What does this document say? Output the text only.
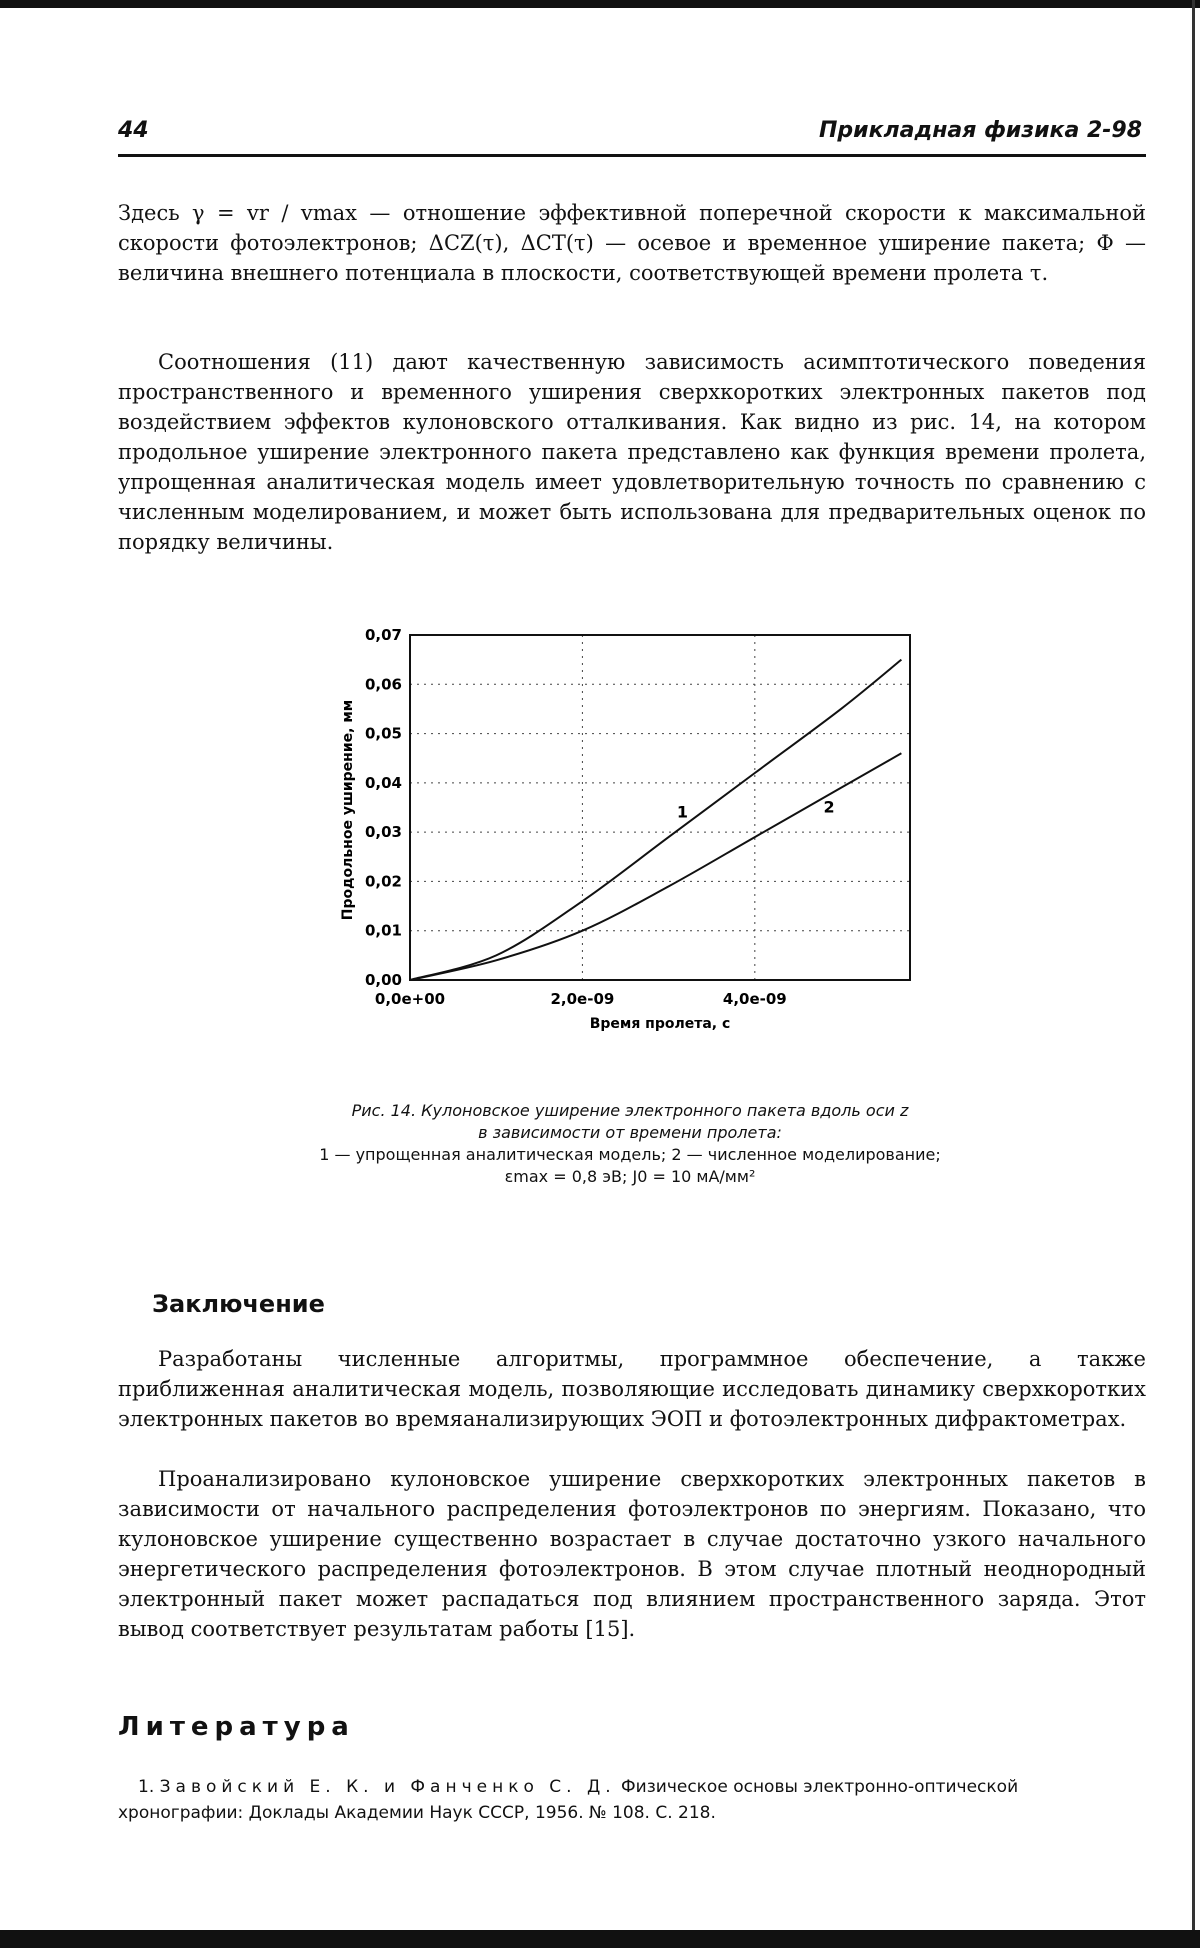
44	Прикладная физика 2-98

Здесь γ = vr / vmax — отношение эффективной поперечной скорости к максимальной скорости фотоэлектронов; ΔCZ(τ), ΔCT(τ) — осевое и временное уширение пакета; Φ — величина внешнего потенциала в плоскости, соответствующей времени пролета τ.

Соотношения (11) дают качественную зависимость асимптотического поведения пространственного и временного уширения сверхкоротких электронных пакетов под воздействием эффектов кулоновского отталкивания. Как видно из рис. 14, на котором продольное уширение электронного пакета представлено как функция времени пролета, упрощенная аналитическая модель имеет удовлетворительную точность по сравнению с численным моделированием, и может быть использована для предварительных оценок по порядку величины.

0,00
0,01
0,02
0,03
0,04
0,05
0,06
0,07
0,0e+00	2,0e-09	4,0e-09
1	2
Время пролета, с
Продольное уширение, мм
Рис. 14. Кулоновское уширение электронного пакета вдоль оси z
в зависимости от времени пролета:
1 — упрощенная аналитическая модель; 2 — численное моделирование;
εmax = 0,8 эВ; J0 = 10 мА/мм²
Заключение

Разработаны численные алгоритмы, программное обеспечение, а также приближенная аналитическая модель, позволяющие исследовать динамику сверхкоротких электронных пакетов во времяанализирующих ЭОП и фотоэлектронных дифрактометрах.

Проанализировано кулоновское уширение сверхкоротких электронных пакетов в зависимости от начального распределения фотоэлектронов по энергиям. Показано, что кулоновское уширение существенно возрастает в случае достаточно узкого начального энергетического распределения фотоэлектронов. В этом случае плотный неоднородный электронный пакет может распадаться под влиянием пространственного заряда. Этот вывод соответствует результатам работы [15].

Литература

1. Завойский Е. К. и Фанченко С. Д. Физическое основы электронно-оптической хронографии: Доклады Академии Наук СССР, 1956. № 108. С. 218.
